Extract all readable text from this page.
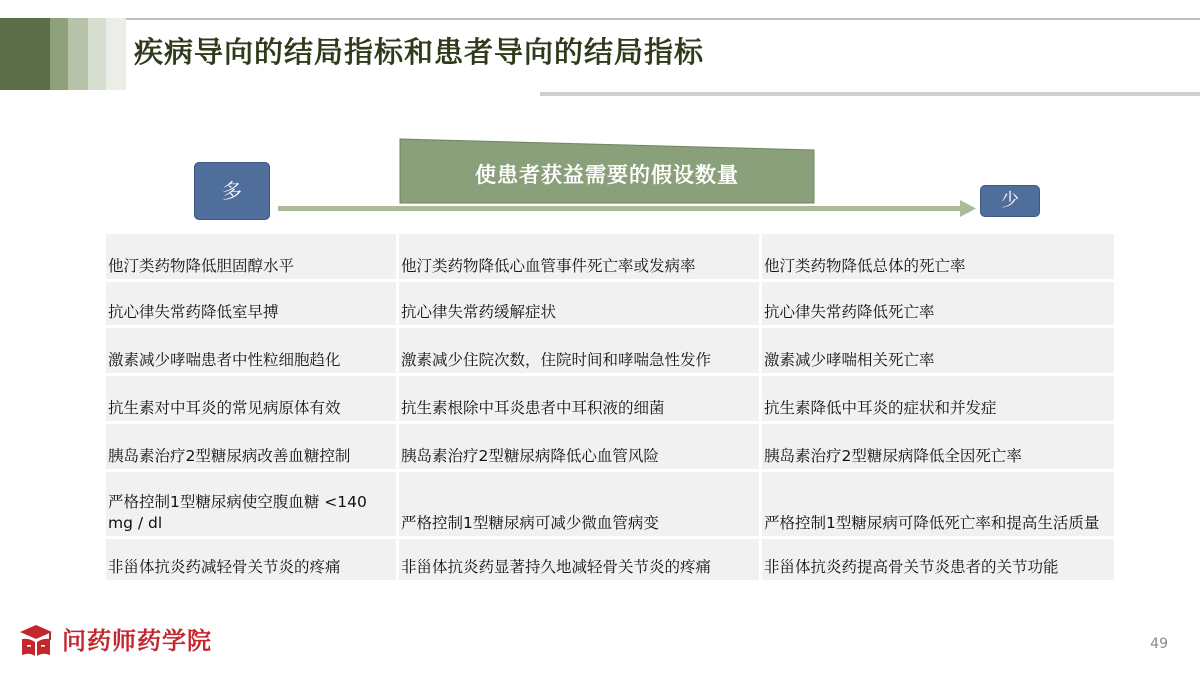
疾病导向的结局指标和患者导向的结局指标
多
使患者获益需要的假设数量
少
他汀类药物降低胆固醇水平	他汀类药物降低心血管事件死亡率或发病率	他汀类药物降低总体的死亡率
抗心律失常药降低室早搏	抗心律失常药缓解症状	抗心律失常药降低死亡率
激素减少哮喘患者中性粒细胞趋化	激素减少住院次数，住院时间和哮喘急性发作	激素减少哮喘相关死亡率
抗生素对中耳炎的常见病原体有效	抗生素根除中耳炎患者中耳积液的细菌	抗生素降低中耳炎的症状和并发症
胰岛素治疗2型糖尿病改善血糖控制	胰岛素治疗2型糖尿病降低心血管风险	胰岛素治疗2型糖尿病降低全因死亡率
严格控制1型糖尿病使空腹血糖 <140 mg / dl	严格控制1型糖尿病可减少微血管病变	严格控制1型糖尿病可降低死亡率和提高生活质量
非甾体抗炎药减轻骨关节炎的疼痛	非甾体抗炎药显著持久地减轻骨关节炎的疼痛	非甾体抗炎药提高骨关节炎患者的关节功能
问药师药学院	49
